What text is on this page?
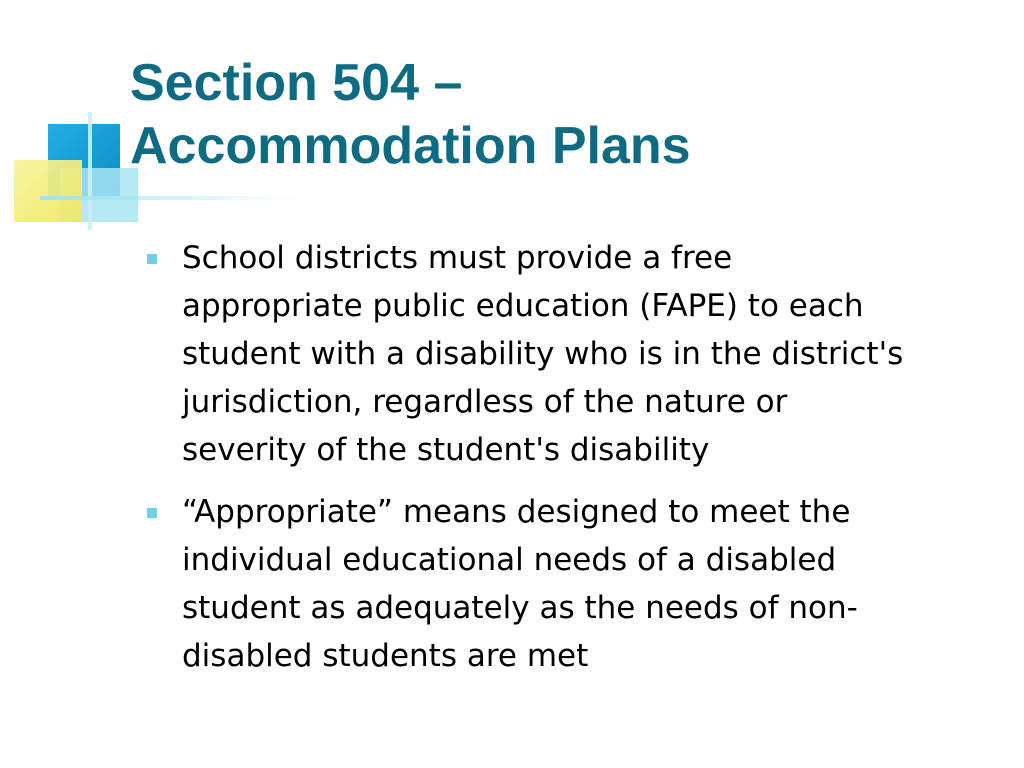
Section 504 –
Accommodation Plans
School districts must provide a free
appropriate public education (FAPE) to each
student with a disability who is in the district's
jurisdiction, regardless of the nature or
severity of the student's disability
“Appropriate” means designed to meet the
individual educational needs of a disabled
student as adequately as the needs of non-
disabled students are met
